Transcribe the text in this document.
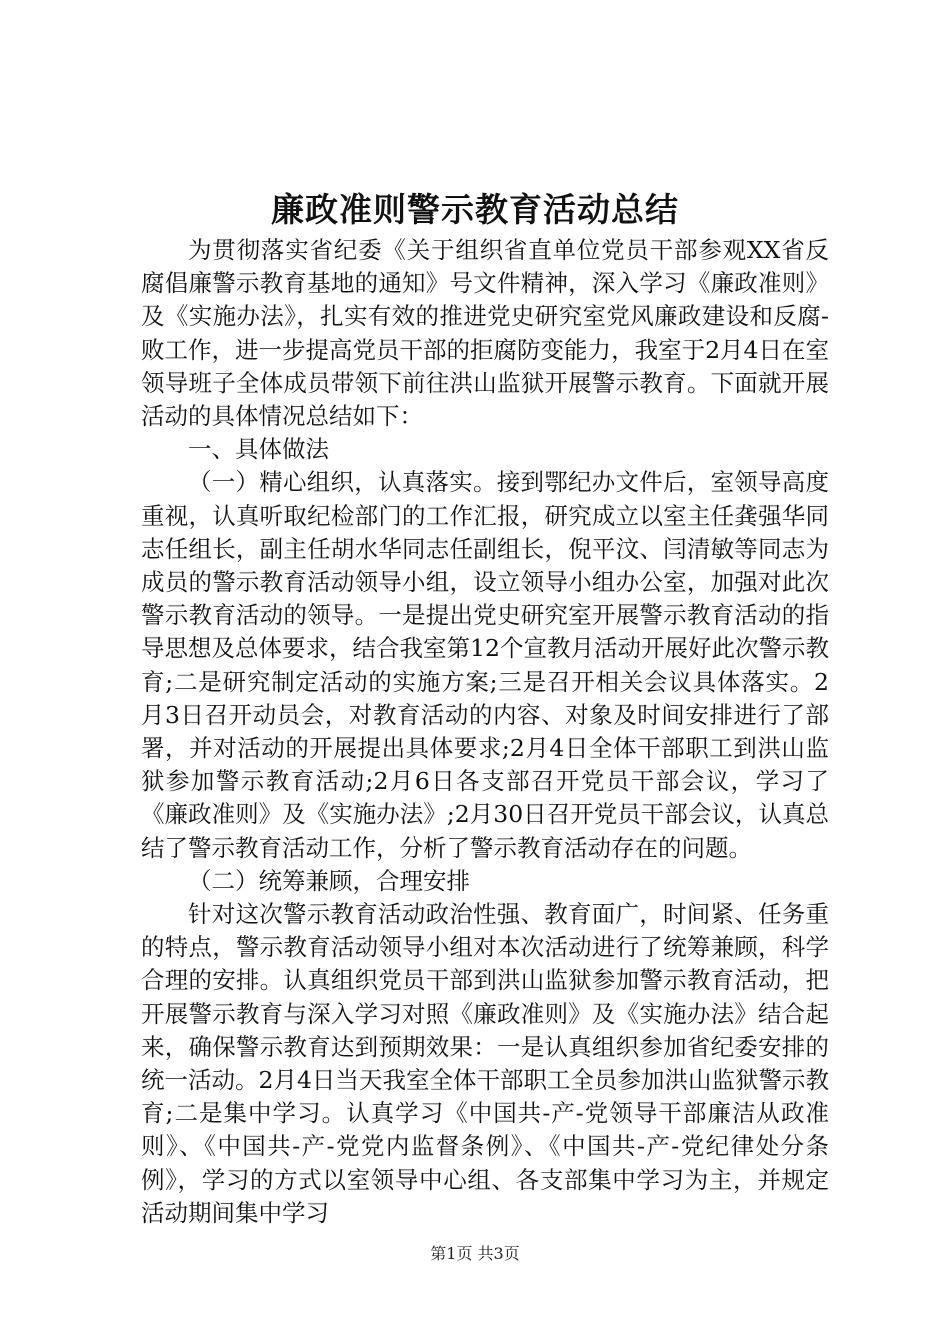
廉政准则警示教育活动总结

为贯彻落实省纪委《关于组织省直单位党员干部参观XX省反腐倡廉警示教育基地的通知》号文件精神，深入学习《廉政准则》及《实施办法》，扎实有效的推进党史研究室党风廉政建设和反腐-败工作，进一步提高党员干部的拒腐防变能力，我室于2月4日在室领导班子全体成员带领下前往洪山监狱开展警示教育。下面就开展活动的具体情况总结如下：

一、具体做法

（一）精心组织，认真落实。接到鄂纪办文件后，室领导高度重视，认真听取纪检部门的工作汇报，研究成立以室主任龚强华同志任组长，副主任胡水华同志任副组长，倪平汶、闫清敏等同志为成员的警示教育活动领导小组，设立领导小组办公室，加强对此次警示教育活动的领导。一是提出党史研究室开展警示教育活动的指导思想及总体要求，结合我室第12个宣教月活动开展好此次警示教育;二是研究制定活动的实施方案;三是召开相关会议具体落实。2月3日召开动员会，对教育活动的内容、对象及时间安排进行了部署，并对活动的开展提出具体要求;2月4日全体干部职工到洪山监狱参加警示教育活动;2月6日各支部召开党员干部会议，学习了《廉政准则》及《实施办法》;2月30日召开党员干部会议，认真总结了警示教育活动工作，分析了警示教育活动存在的问题。

（二）统筹兼顾，合理安排

针对这次警示教育活动政治性强、教育面广，时间紧、任务重的特点，警示教育活动领导小组对本次活动进行了统筹兼顾，科学合理的安排。认真组织党员干部到洪山监狱参加警示教育活动，把开展警示教育与深入学习对照《廉政准则》及《实施办法》结合起来，确保警示教育达到预期效果：一是认真组织参加省纪委安排的统一活动。2月4日当天我室全体干部职工全员参加洪山监狱警示教育;二是集中学习。认真学习《中国共-产-党领导干部廉洁从政准则》、《中国共-产-党党内监督条例》、《中国共-产-党纪律处分条例》，学习的方式以室领导中心组、各支部集中学习为主，并规定活动期间集中学习

第1页 共3页
